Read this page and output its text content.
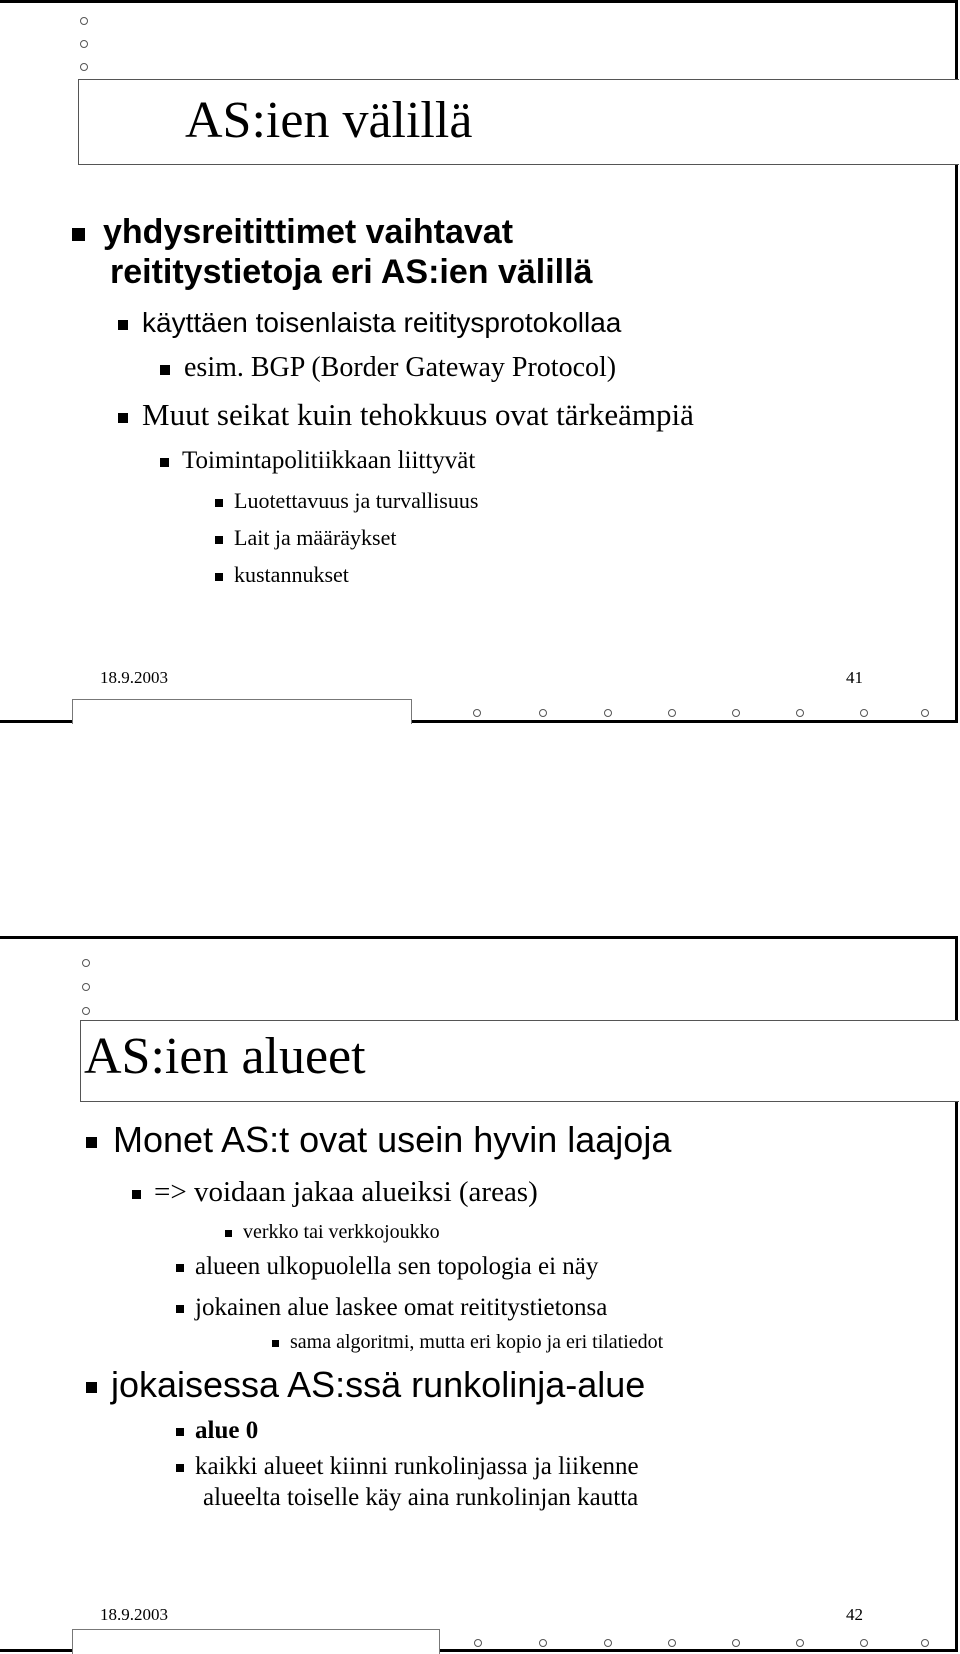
AS:ien välillä
yhdysreitittimet vaihtavat
reititystietoja eri AS:ien välillä
käyttäen toisenlaista reititysprotokollaa
esim. BGP (Border Gateway Protocol)
Muut seikat kuin tehokkuus ovat tärkeämpiä
Toimintapolitiikkaan liittyvät
Luotettavuus ja turvallisuus
Lait ja määräykset
kustannukset
18.9.2003	41
AS:ien alueet
Monet AS:t ovat usein hyvin laajoja
=> voidaan jakaa alueiksi (areas)
verkko tai verkkojoukko
alueen ulkopuolella sen topologia ei näy
jokainen alue laskee omat reititystietonsa
sama algoritmi, mutta eri kopio ja eri tilatiedot
jokaisessa AS:ssä runkolinja-alue
alue 0
kaikki alueet kiinni runkolinjassa ja liikenne
alueelta toiselle käy aina runkolinjan kautta
18.9.2003	42
